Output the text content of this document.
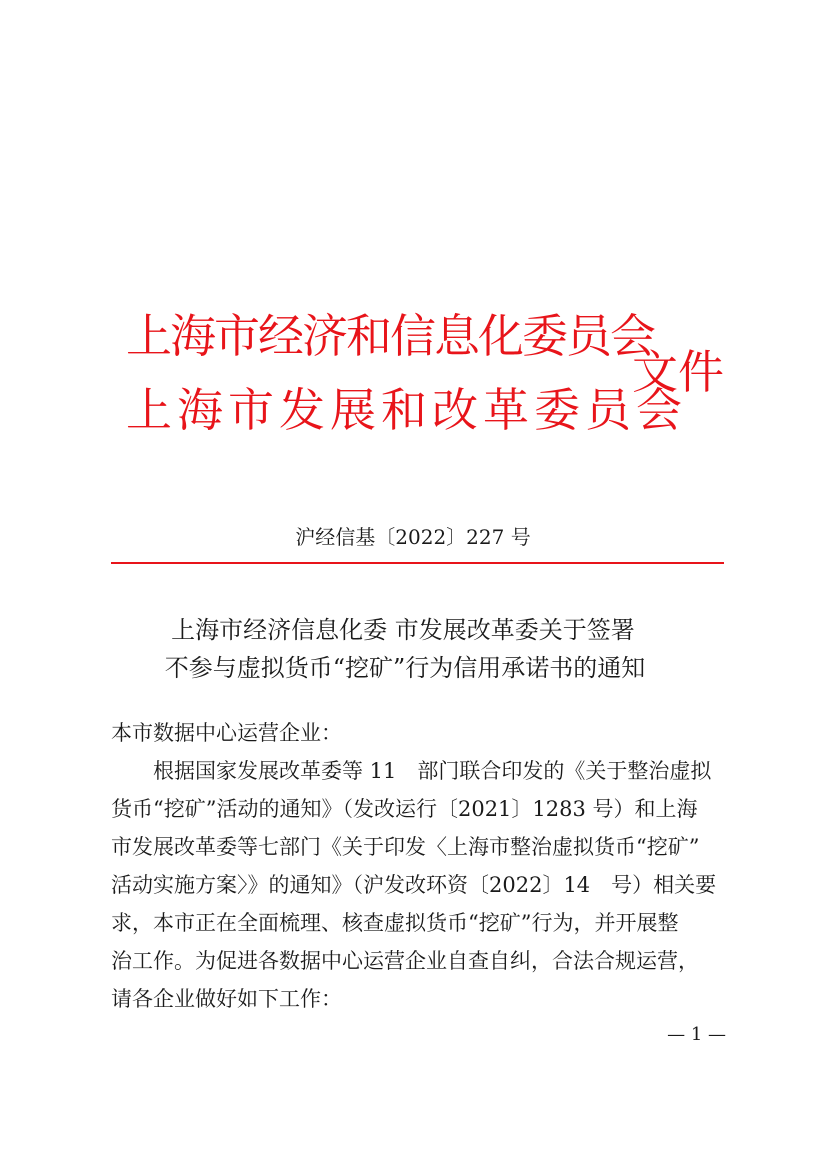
上海市经济和信息化委员会
上海市发展和改革委员会
文件
沪经信基〔2022〕227 号
上海市经济信息化委 市发展改革委关于签署
不参与虚拟货币“挖矿”行为信用承诺书的通知
本市数据中心运营企业：
　　根据国家发展改革委等 11　部门联合印发的《关于整治虚拟
货币“挖矿”活动的通知》（发改运行〔2021〕1283 号）和上海
市发展改革委等七部门《关于印发〈上海市整治虚拟货币“挖矿”
活动实施方案〉》的通知》（沪发改环资〔2022〕14　号）相关要
求，本市正在全面梳理、核查虚拟货币“挖矿”行为，并开展整
治工作。为促进各数据中心运营企业自查自纠，合法合规运营，
请各企业做好如下工作：
— 1 —
